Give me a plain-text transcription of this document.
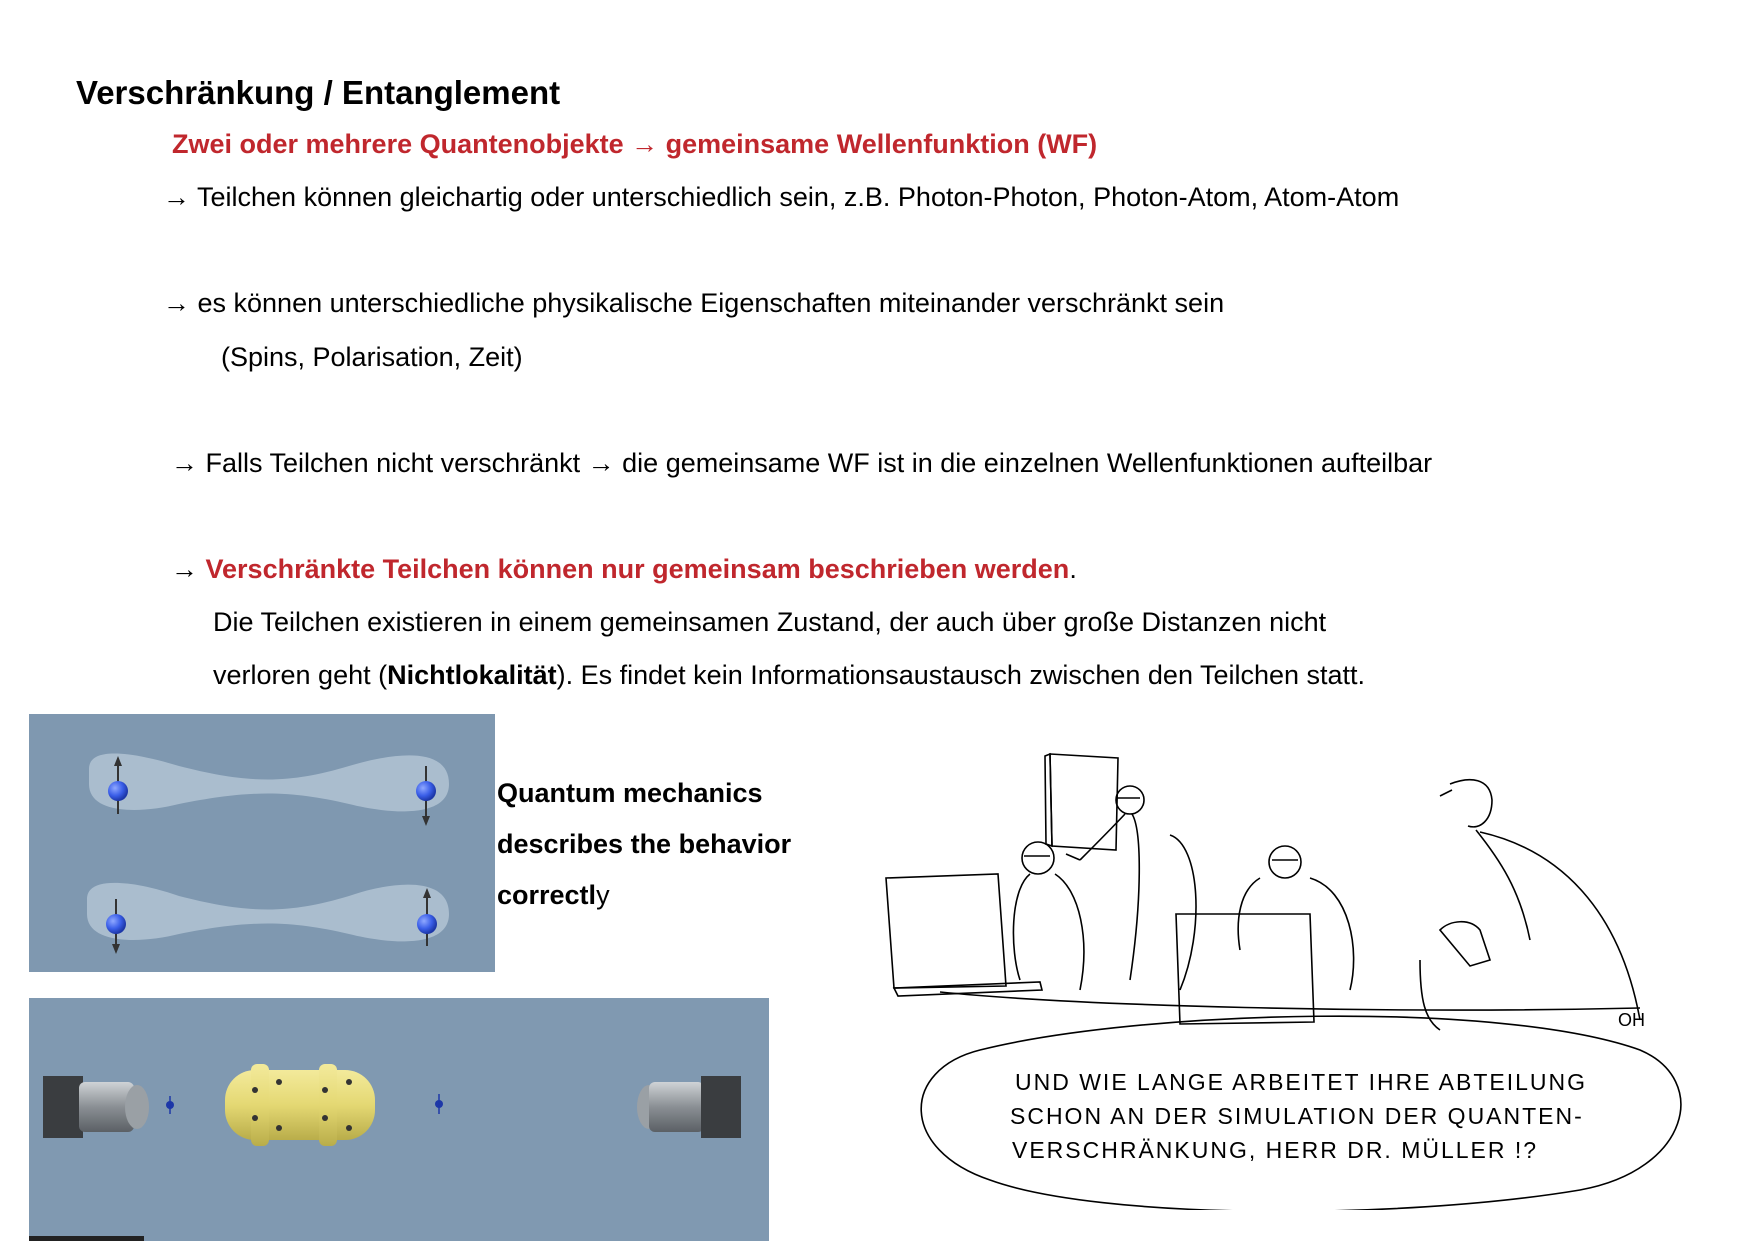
Verschränkung / Entanglement
Zwei oder mehrere Quantenobjekte → gemeinsame Wellenfunktion (WF)
→ Teilchen können gleichartig oder unterschiedlich sein, z.B. Photon-Photon, Photon-Atom, Atom-Atom
→ es können unterschiedliche physikalische Eigenschaften miteinander verschränkt sein
(Spins, Polarisation, Zeit)
→ Falls Teilchen nicht verschränkt → die gemeinsame WF ist in die einzelnen Wellenfunktionen aufteilbar
→ Verschränkte Teilchen können nur gemeinsam beschrieben werden.
Die Teilchen existieren in einem gemeinsamen Zustand, der auch über große Distanzen nicht
verloren geht (Nichtlokalität). Es findet kein Informationsaustausch zwischen den Teilchen statt.
Quantum mechanics
describes the behavior
correctly
OH
UND WIE LANGE ARBEITET IHRE ABTEILUNG
SCHON AN DER SIMULATION DER QUANTEN-
VERSCHRÄNKUNG, HERR DR. MÜLLER !?
